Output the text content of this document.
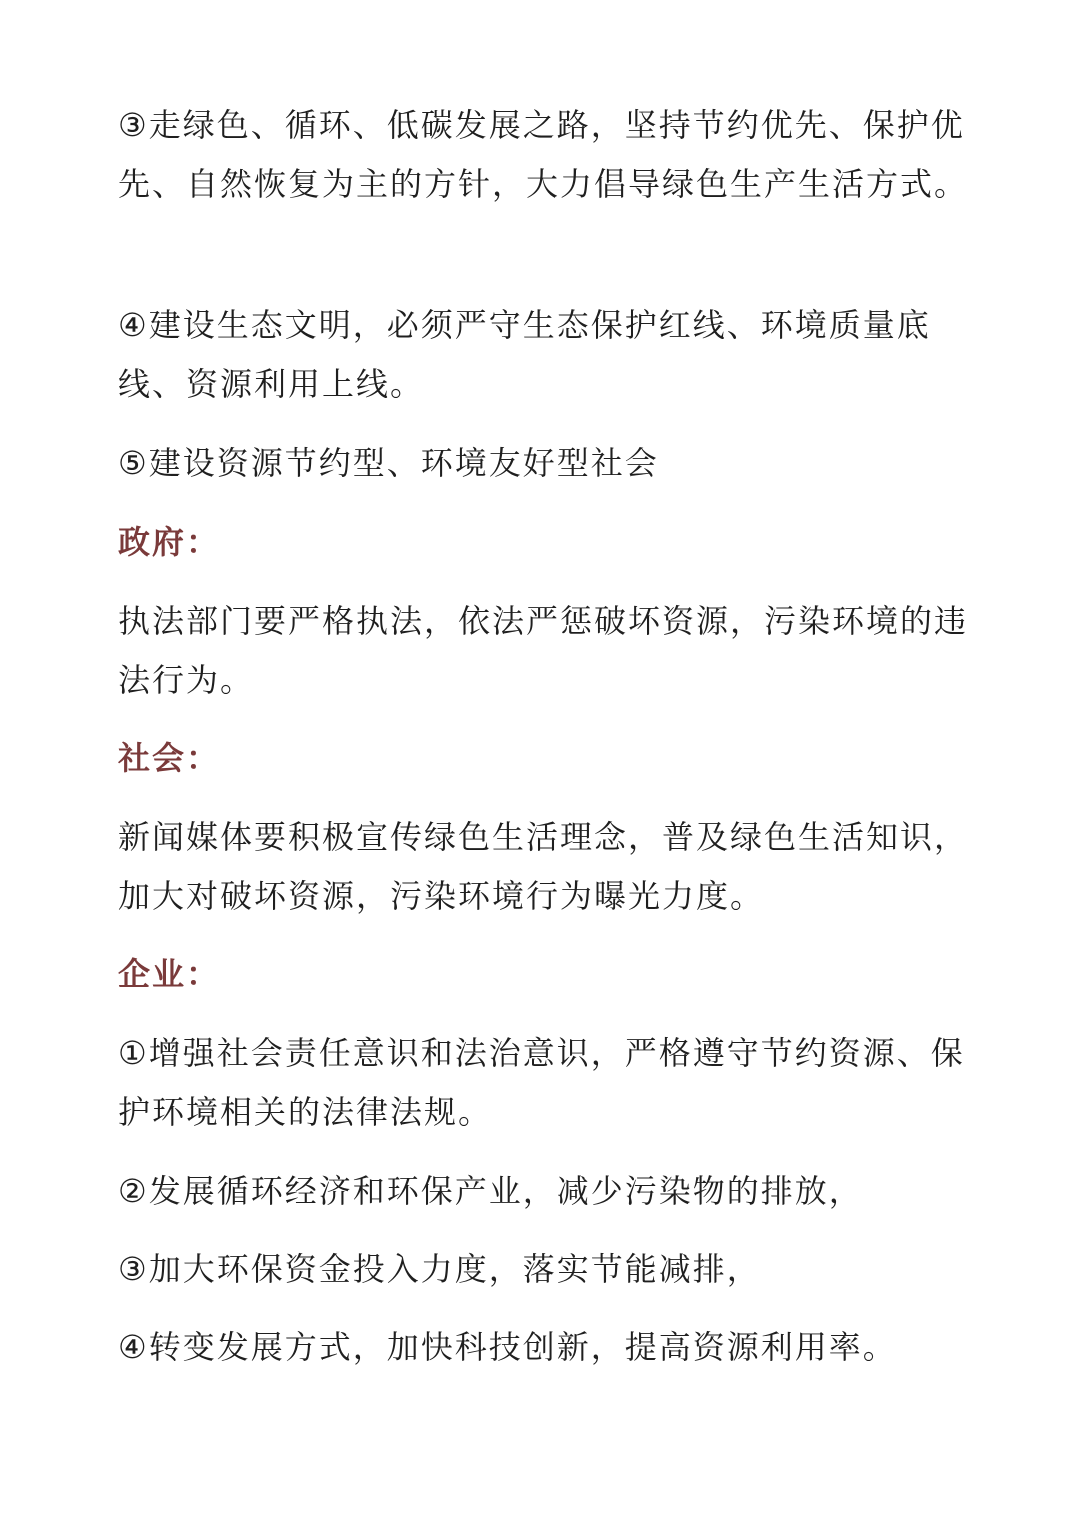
③走绿色、循环、低碳发展之路，坚持节约优先、保护优先、自然恢复为主的方针，大力倡导绿色生产生活方式。

④建设生态文明，必须严守生态保护红线、环境质量底线、资源利用上线。

⑤建设资源节约型、环境友好型社会

政府：

执法部门要严格执法，依法严惩破坏资源，污染环境的违法行为。

社会：

新闻媒体要积极宣传绿色生活理念，普及绿色生活知识，加大对破坏资源，污染环境行为曝光力度。

企业：

①增强社会责任意识和法治意识，严格遵守节约资源、保护环境相关的法律法规。

②发展循环经济和环保产业，减少污染物的排放，

③加大环保资金投入力度，落实节能减排，

④转变发展方式，加快科技创新，提高资源利用率。
